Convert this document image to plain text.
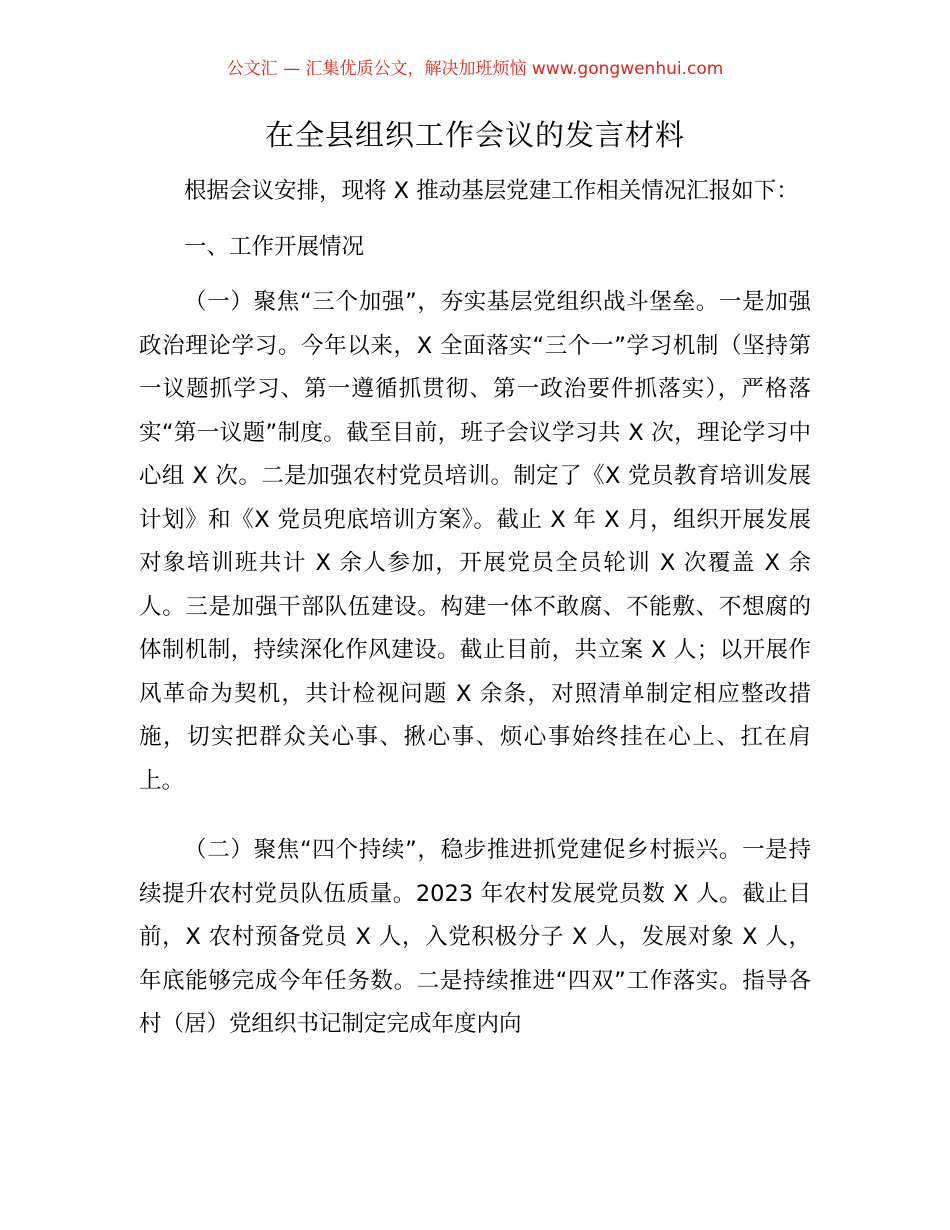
公文汇 — 汇集优质公文，解决加班烦恼 www.gongwenhui.com
在全县组织工作会议的发言材料

根据会议安排，现将 X 推动基层党建工作相关情况汇报如下：

一、工作开展情况

（一）聚焦“三个加强”，夯实基层党组织战斗堡垒。一是加强政治理论学习。今年以来，X 全面落实“三个一”学习机制（坚持第一议题抓学习、第一遵循抓贯彻、第一政治要件抓落实），严格落实“第一议题”制度。截至目前，班子会议学习共 X 次，理论学习中心组 X 次。二是加强农村党员培训。制定了《X 党员教育培训发展计划》和《X 党员兜底培训方案》。截止 X 年 X 月，组织开展发展对象培训班共计 X 余人参加，开展党员全员轮训 X 次覆盖 X 余人。三是加强干部队伍建设。构建一体不敢腐、不能敷、不想腐的体制机制，持续深化作风建设。截止目前，共立案 X 人；以开展作风革命为契机，共计检视问题 X 余条，对照清单制定相应整改措施，切实把群众关心事、揪心事、烦心事始终挂在心上、扛在肩上。

（二）聚焦“四个持续”，稳步推进抓党建促乡村振兴。一是持续提升农村党员队伍质量。2023 年农村发展党员数 X 人。截止目前，X 农村预备党员 X 人，入党积极分子 X 人，发展对象 X 人，年底能够完成今年任务数。二是持续推进“四双”工作落实。指导各村（居）党组织书记制定完成年度内向
